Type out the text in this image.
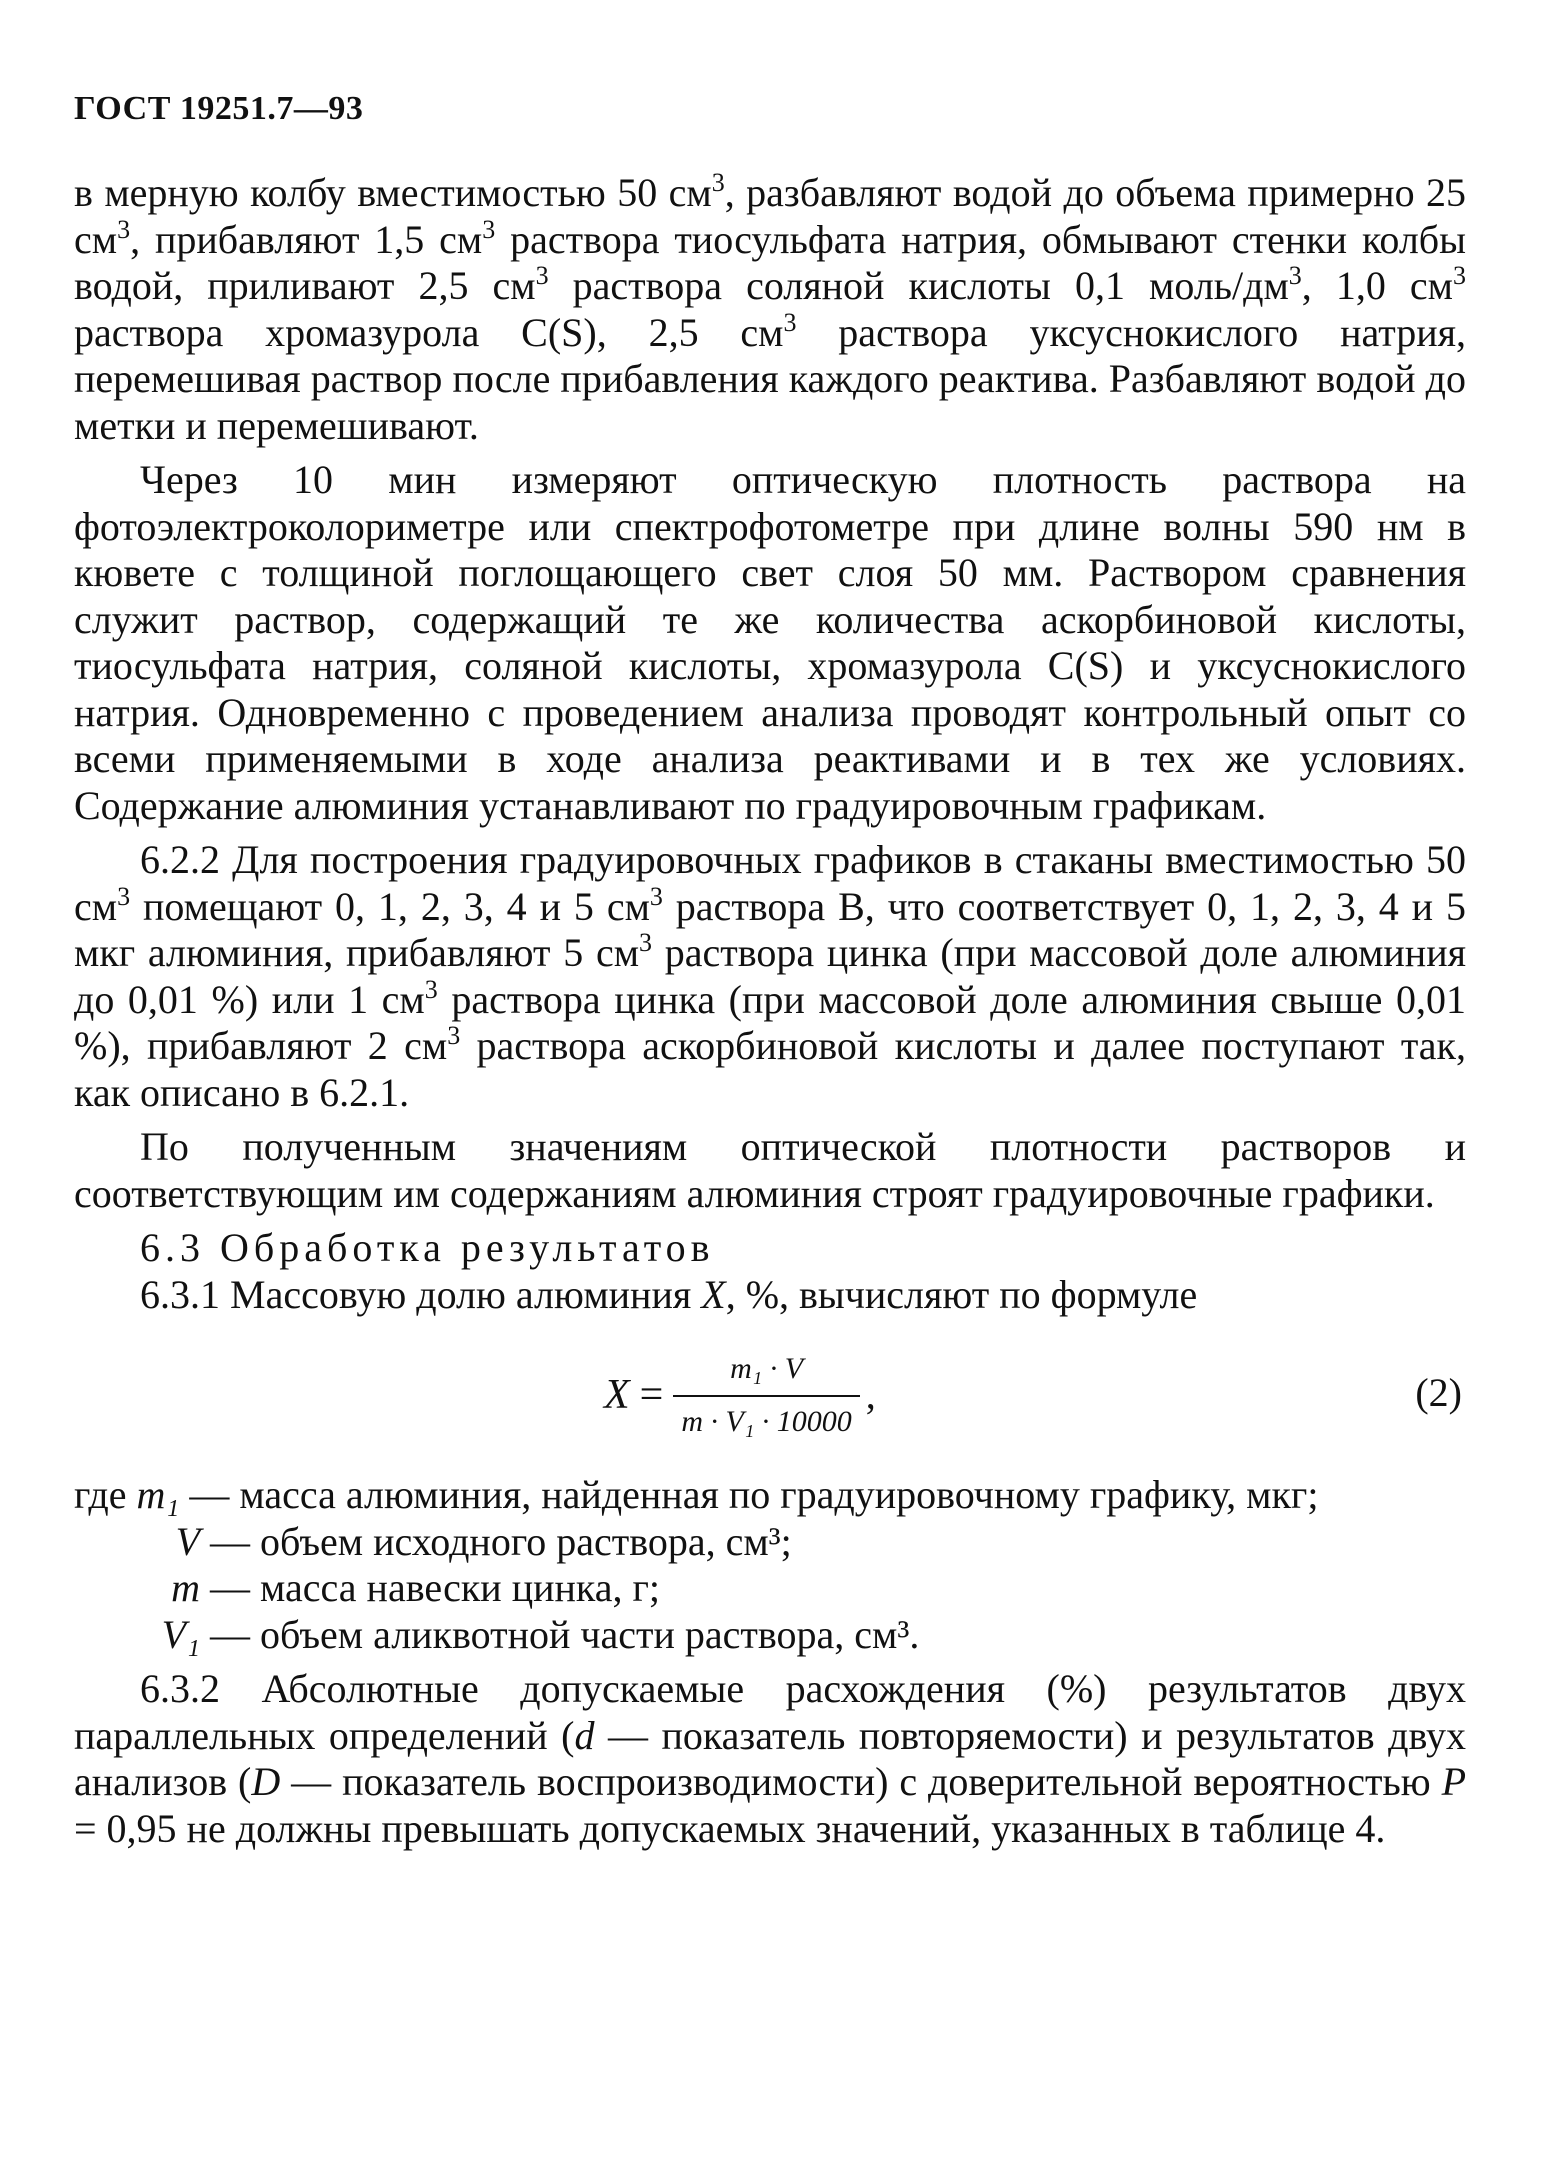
ГОСТ 19251.7—93

в мерную колбу вместимостью 50 $см^3$, разбавляют водой до объема примерно 25 $см^3$, прибавляют 1,5 $см^3$ раствора тиосульфата натрия, обмывают стенки колбы водой, приливают 2,5 $см^3$ раствора соляной кислоты 0,1 моль/$дм^3$, 1,0 $см^3$ раствора хромазурола C(S), 2,5 $см^3$ раствора уксуснокислого натрия, перемешивая раствор после прибавления каждого реактива. Разбавляют водой до метки и перемешивают.

Через 10 мин измеряют оптическую плотность раствора на фотоэлектроколориметре или спектрофотометре при длине волны 590 нм в кювете с толщиной поглощающего свет слоя 50 мм. Раствором сравнения служит раствор, содержащий те же количества аскорбиновой кислоты, тиосульфата натрия, соляной кислоты, хромазурола C(S) и уксуснокислого натрия. Одновременно с проведением анализа проводят контрольный опыт со всеми применяемыми в ходе анализа реактивами и в тех же условиях. Содержание алюминия устанавливают по градуировочным графикам.

6.2.2 Для построения градуировочных графиков в стаканы вместимостью 50 $см^3$ помещают 0, 1, 2, 3, 4 и 5 $см^3$ раствора В, что соответствует 0, 1, 2, 3, 4 и 5 мкг алюминия, прибавляют 5 $см^3$ раствора цинка (при массовой доле алюминия до 0,01 %) или 1 $см^3$ раствора цинка (при массовой доле алюминия свыше 0,01 %), прибавляют 2 $см^3$ раствора аскорбиновой кислоты и далее поступают так, как описано в 6.2.1.

По полученным значениям оптической плотности растворов и соответствующим им содержаниям алюминия строят градуировочные графики.

6.3 Обработка результатов

6.3.1 Массовую долю алюминия X, %, вычисляют по формуле

$X = \frac{\text{m₁ · V}}{\text{m · V₁ · 10000}}$ ,	(2)

где m₁ — масса алюминия, найденная по градуировочному графику, мкг;

V — объем исходного раствора, см³;

m — масса навески цинка, г;

V₁ — объем аликвотной части раствора, см³.

6.3.2 Абсолютные допускаемые расхождения (%) результатов двух параллельных определений (d — показатель повторяемости) и результатов двух анализов (D — показатель воспроизводимости) с доверительной вероятностью P = 0,95 не должны превышать допускаемых значений, указанных в таблице 4.
